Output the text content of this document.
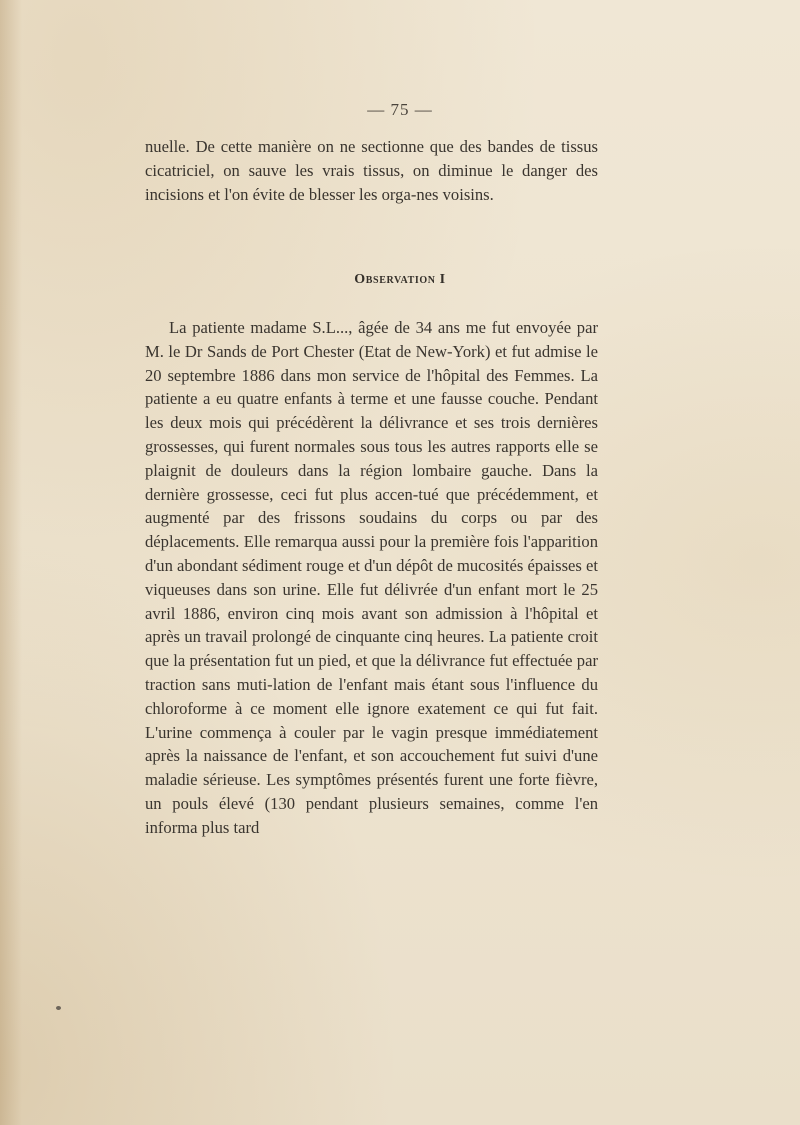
— 75 —

nuelle. De cette manière on ne sectionne que des bandes de tissus cicatriciel, on sauve les vrais tissus, on diminue le danger des incisions et l'on évite de blesser les orga-nes voisins.

Observation I

La patiente madame S.L..., âgée de 34 ans me fut envoyée par M. le Dr Sands de Port Chester (Etat de New-York) et fut admise le 20 septembre 1886 dans mon service de l'hôpital des Femmes. La patiente a eu quatre enfants à terme et une fausse couche. Pendant les deux mois qui précédèrent la délivrance et ses trois dernières grossesses, qui furent normales sous tous les autres rapports elle se plaignit de douleurs dans la région lombaire gauche. Dans la dernière grossesse, ceci fut plus accen-tué que précédemment, et augmenté par des frissons soudains du corps ou par des déplacements. Elle remarqua aussi pour la première fois l'apparition d'un abondant sédiment rouge et d'un dépôt de mucosités épaisses et viqueuses dans son urine. Elle fut délivrée d'un enfant mort le 25 avril 1886, environ cinq mois avant son admission à l'hôpital et après un travail prolongé de cinquante cinq heures. La patiente croit que la présentation fut un pied, et que la délivrance fut effectuée par traction sans muti-lation de l'enfant mais étant sous l'influence du chloroforme à ce moment elle ignore exatement ce qui fut fait. L'urine commença à couler par le vagin presque immédiatement après la naissance de l'enfant, et son accouchement fut suivi d'une maladie sérieuse. Les symptômes présentés furent une forte fièvre, un pouls élevé (130 pendant plusieurs semaines, comme l'en informa plus tard
